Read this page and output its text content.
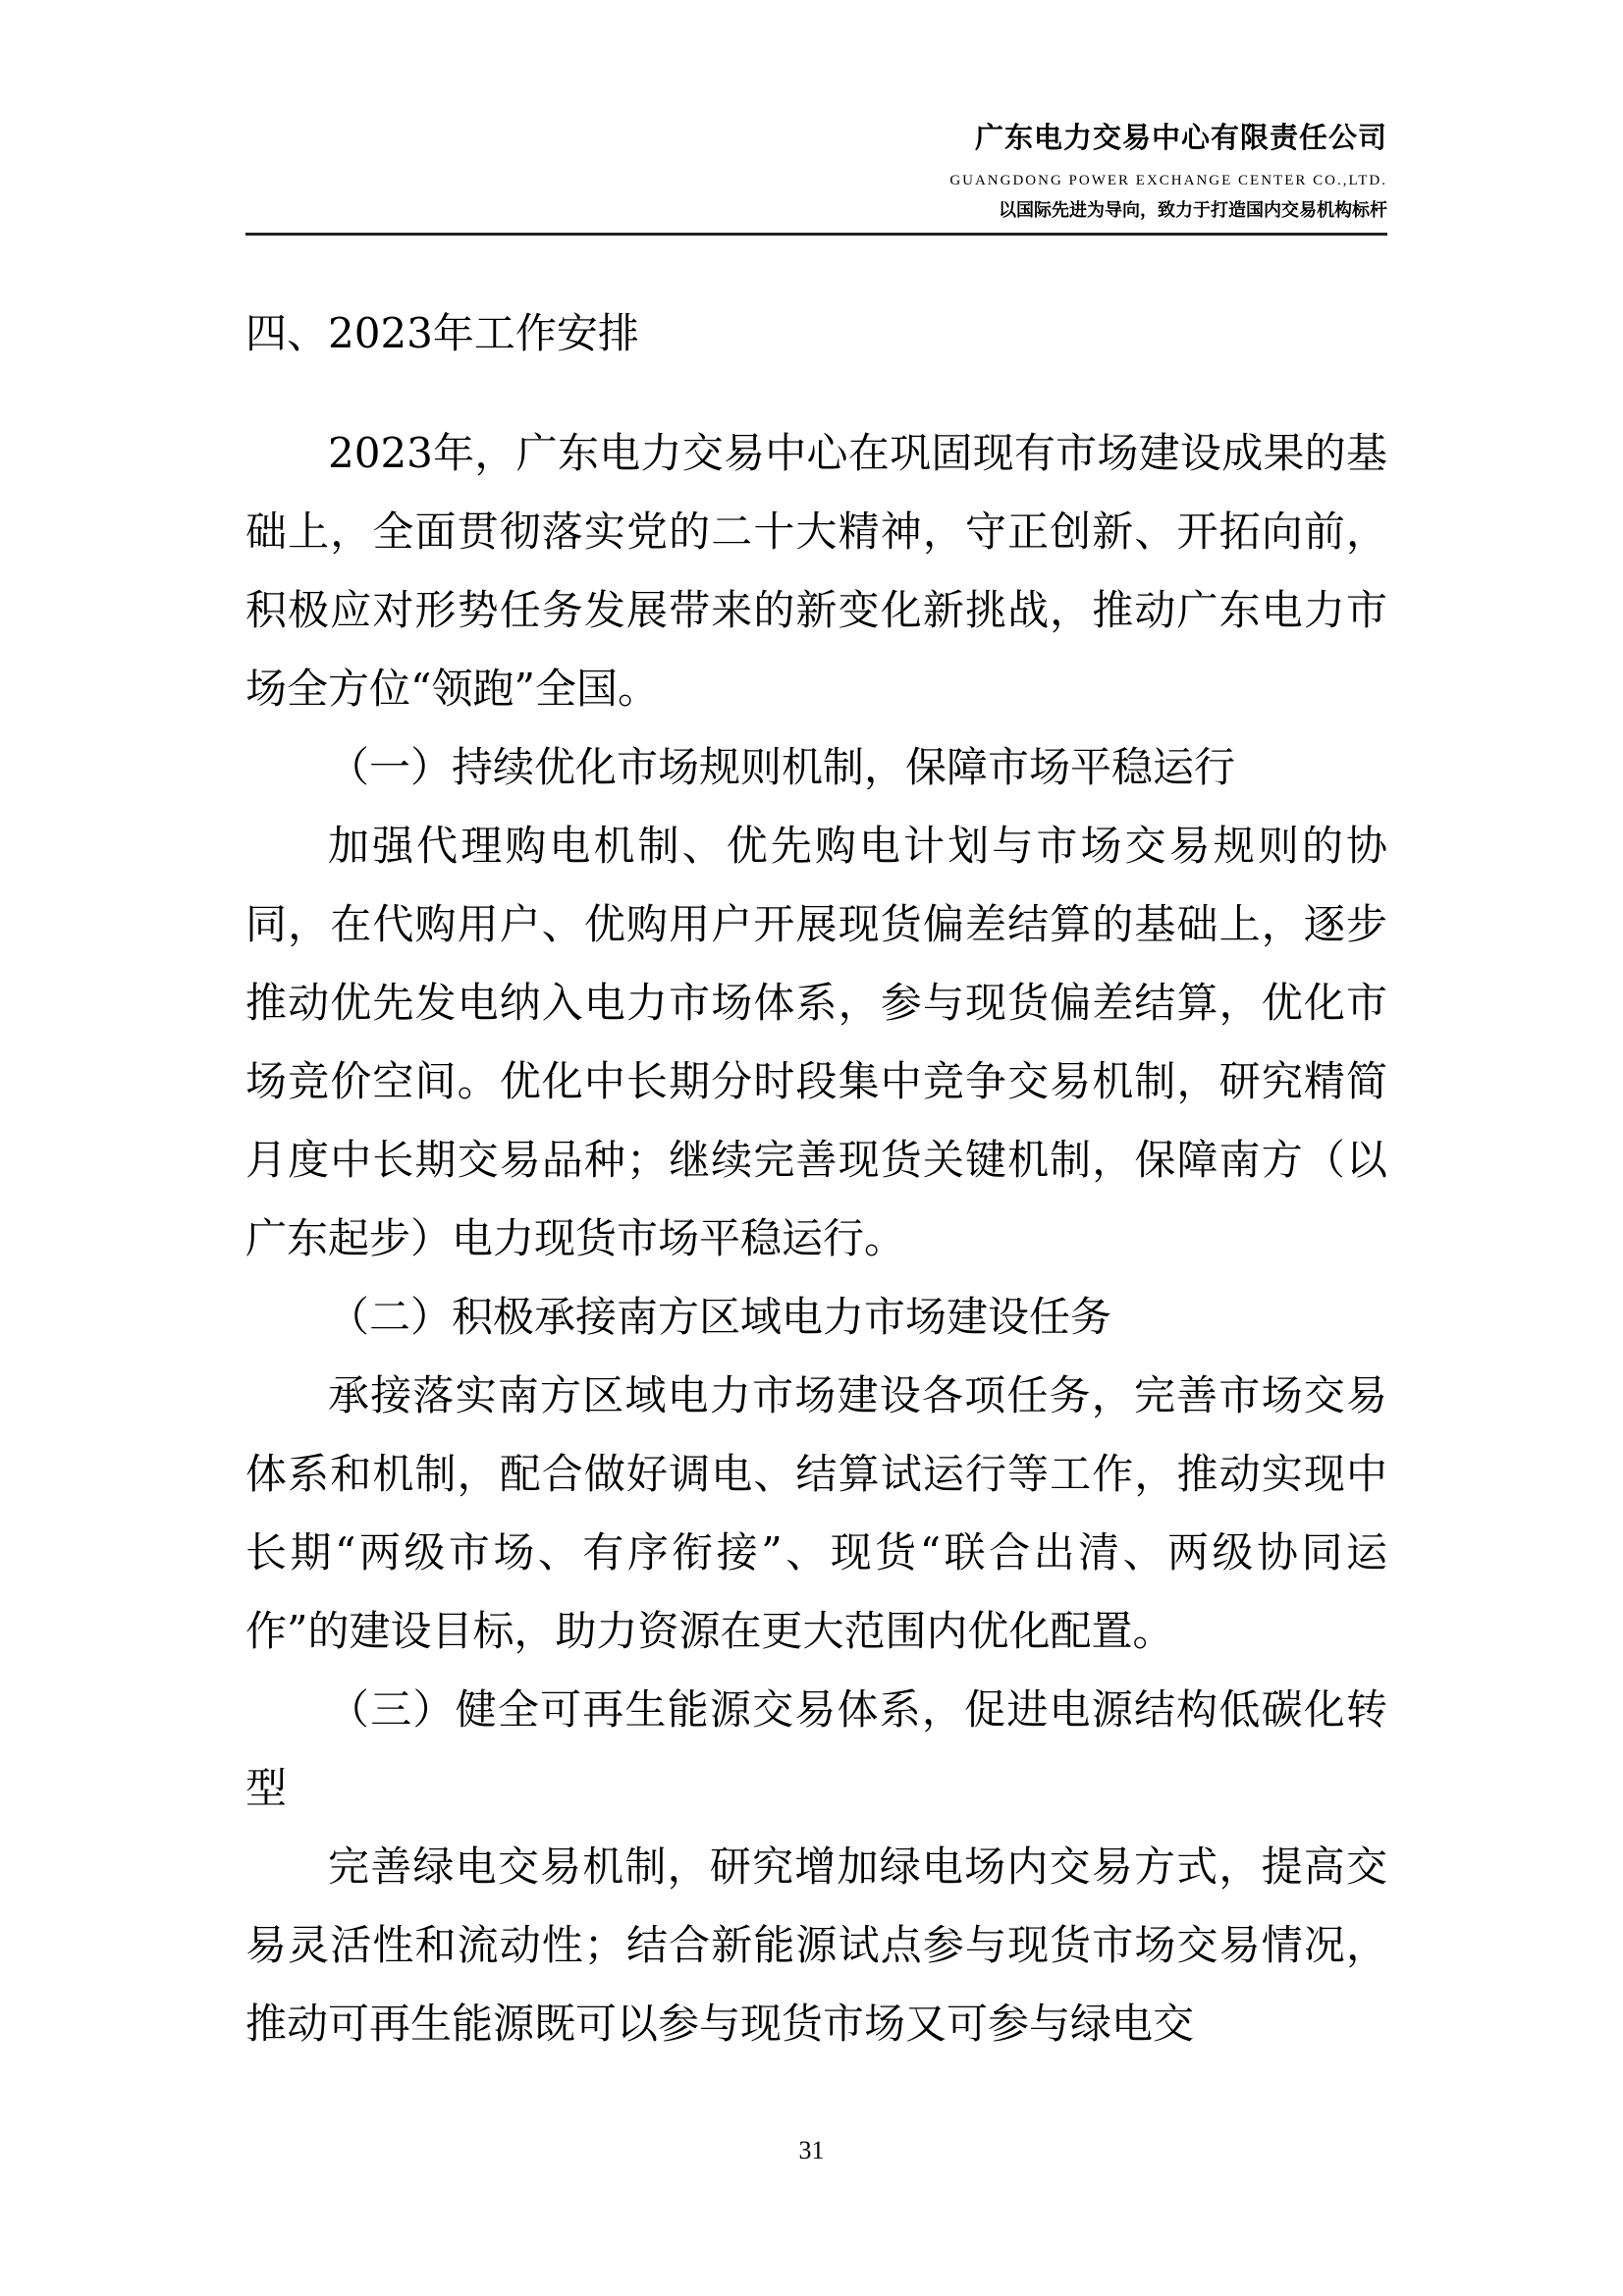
广东电力交易中心有限责任公司
GUANGDONG POWER EXCHANGE CENTER CO.,LTD.
以国际先进为导向，致力于打造国内交易机构标杆

四、2023年工作安排

2023年，广东电力交易中心在巩固现有市场建设成果的基础上，全面贯彻落实党的二十大精神，守正创新、开拓向前，积极应对形势任务发展带来的新变化新挑战，推动广东电力市场全方位“领跑”全国。

（一）持续优化市场规则机制，保障市场平稳运行

加强代理购电机制、优先购电计划与市场交易规则的协同，在代购用户、优购用户开展现货偏差结算的基础上，逐步推动优先发电纳入电力市场体系，参与现货偏差结算，优化市场竞价空间。优化中长期分时段集中竞争交易机制，研究精简月度中长期交易品种；继续完善现货关键机制，保障南方（以广东起步）电力现货市场平稳运行。

（二）积极承接南方区域电力市场建设任务

承接落实南方区域电力市场建设各项任务，完善市场交易体系和机制，配合做好调电、结算试运行等工作，推动实现中长期“两级市场、有序衔接”、现货“联合出清、两级协同运作”的建设目标，助力资源在更大范围内优化配置。

（三）健全可再生能源交易体系，促进电源结构低碳化转型

完善绿电交易机制，研究增加绿电场内交易方式，提高交易灵活性和流动性；结合新能源试点参与现货市场交易情况，推动可再生能源既可以参与现货市场又可参与绿电交

31
